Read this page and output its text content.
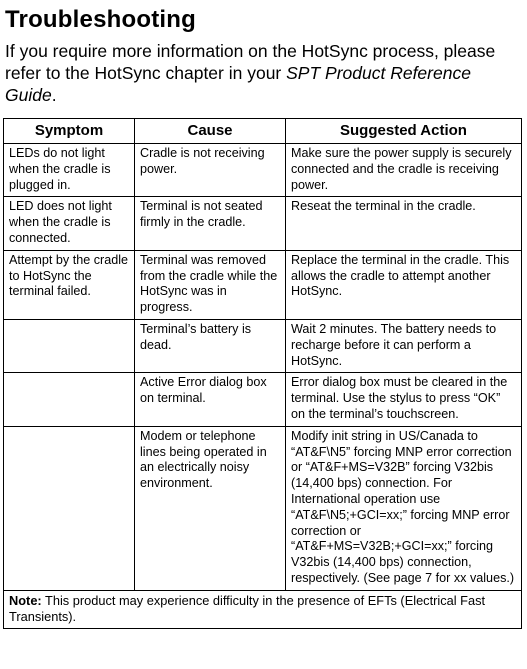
Troubleshooting
If you require more information on the HotSync process, please refer to the HotSync chapter in your SPT Product Reference Guide.
Symptom	Cause	Suggested Action
LEDs do not light when the cradle is plugged in.	Cradle is not receiving power.	Make sure the power supply is securely connected and the cradle is receiving power.
LED does not light when the cradle is connected.	Terminal is not seated firmly in the cradle.	Reseat the terminal in the cradle.
Attempt by the cradle to HotSync the terminal failed.	Terminal was removed from the cradle while the HotSync was in progress.	Replace the terminal in the cradle. This allows the cradle to attempt another HotSync.
	Terminal’s battery is dead.	Wait 2 minutes. The battery needs to recharge before it can perform a HotSync.
	Active Error dialog box on terminal.	Error dialog box must be cleared in the terminal. Use the stylus to press “OK” on the terminal’s touchscreen.
	Modem or telephone lines being operated in an electrically noisy environment.	Modify init string in US/Canada to “AT&F\N5” forcing MNP error correction or “AT&F+MS=V32B” forcing V32bis (14,400 bps) connection. For International operation use “AT&F\N5;+GCI=xx;” forcing MNP error correction or “AT&F+MS=V32B;+GCI=xx;” forcing V32bis (14,400 bps) connection, respectively. (See page 7 for xx values.)
Note: This product may experience difficulty in the presence of EFTs (Electrical Fast Transients).		
